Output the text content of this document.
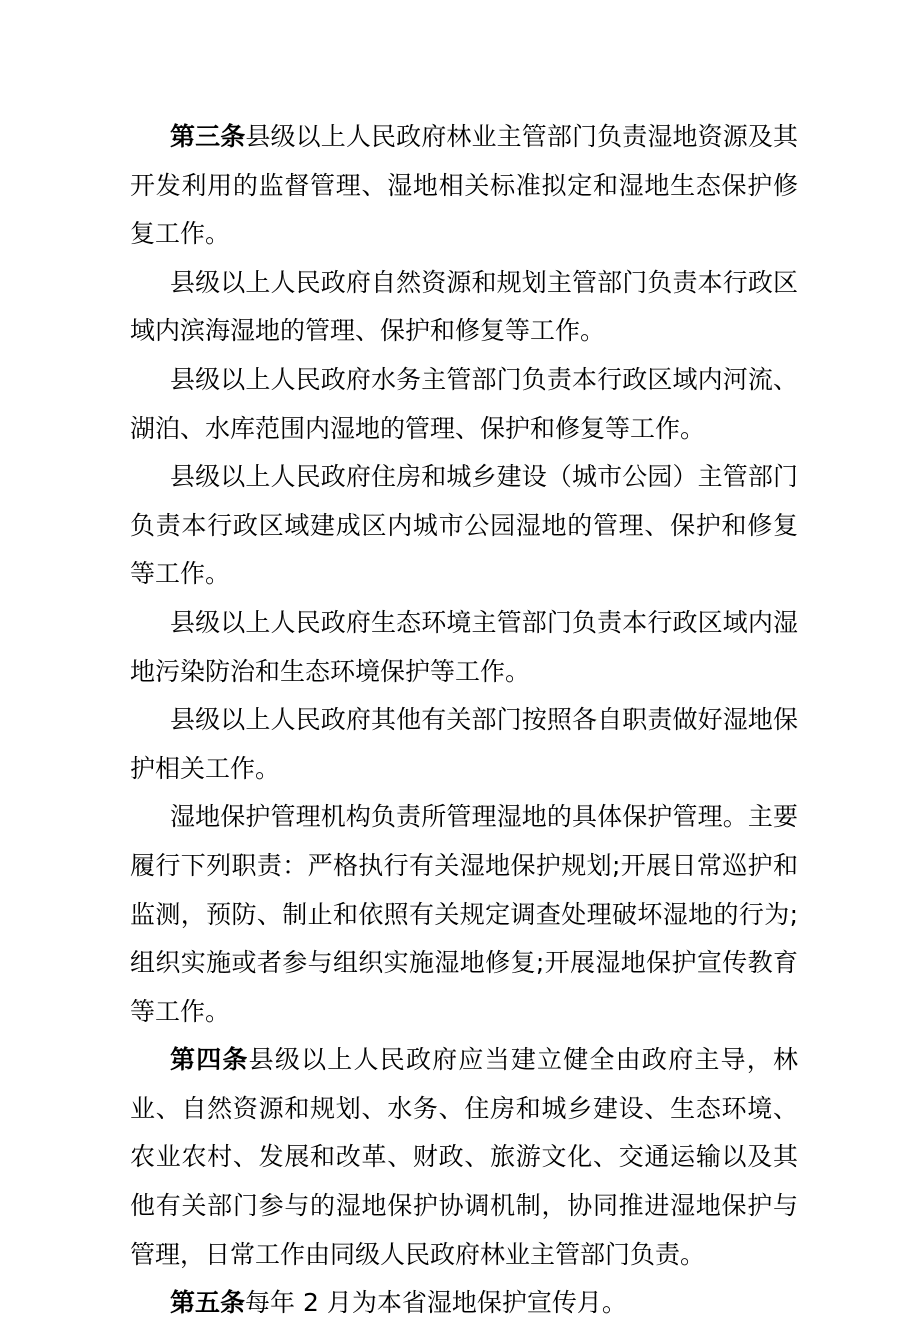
第三条县级以上人民政府林业主管部门负责湿地资源及其开发利用的监督管理、湿地相关标准拟定和湿地生态保护修复工作。

县级以上人民政府自然资源和规划主管部门负责本行政区域内滨海湿地的管理、保护和修复等工作。

县级以上人民政府水务主管部门负责本行政区域内河流、湖泊、水库范围内湿地的管理、保护和修复等工作。

县级以上人民政府住房和城乡建设（城市公园）主管部门负责本行政区域建成区内城市公园湿地的管理、保护和修复等工作。

县级以上人民政府生态环境主管部门负责本行政区域内湿地污染防治和生态环境保护等工作。

县级以上人民政府其他有关部门按照各自职责做好湿地保护相关工作。

湿地保护管理机构负责所管理湿地的具体保护管理。主要履行下列职责：严格执行有关湿地保护规划;开展日常巡护和监测，预防、制止和依照有关规定调查处理破坏湿地的行为;组织实施或者参与组织实施湿地修复;开展湿地保护宣传教育等工作。

第四条县级以上人民政府应当建立健全由政府主导，林业、自然资源和规划、水务、住房和城乡建设、生态环境、农业农村、发展和改革、财政、旅游文化、交通运输以及其他有关部门参与的湿地保护协调机制，协同推进湿地保护与管理，日常工作由同级人民政府林业主管部门负责。

第五条每年 2 月为本省湿地保护宣传月。
